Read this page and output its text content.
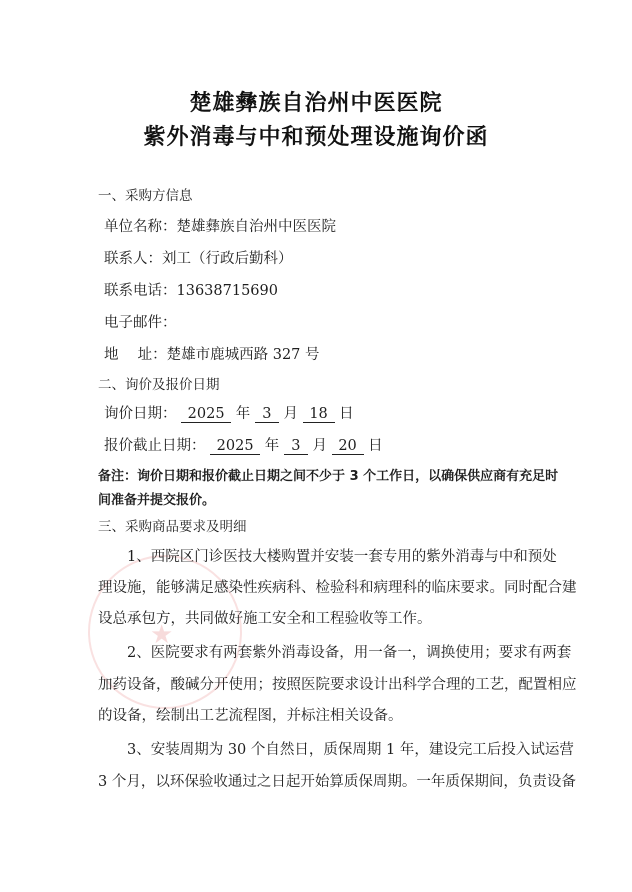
★
楚雄彝族自治州中医医院
紫外消毒与中和预处理设施询价函
一、采购方信息
单位名称：楚雄彝族自治州中医医院
联系人：刘工（行政后勤科）
联系电话：13638715690
电子邮件：
地　 址：楚雄市鹿城西路 327 号
二、询价及报价日期
询价日期： 2025 年 3 月 18 日
报价截止日期： 2025 年 3 月 20 日
备注：询价日期和报价截止日期之间不少于 3 个工作日，以确保供应商有充足时
间准备并提交报价。
三、采购商品要求及明细
1、西院区门诊医技大楼购置并安装一套专用的紫外消毒与中和预处
理设施，能够满足感染性疾病科、检验科和病理科的临床要求。同时配合建
设总承包方，共同做好施工安全和工程验收等工作。
2、医院要求有两套紫外消毒设备，用一备一，调换使用；要求有两套
加药设备，酸碱分开使用；按照医院要求设计出科学合理的工艺，配置相应
的设备，绘制出工艺流程图，并标注相关设备。
3、安装周期为 30 个自然日，质保周期 1 年，建设完工后投入试运营
3 个月，以环保验收通过之日起开始算质保周期。一年质保期间，负责设备
